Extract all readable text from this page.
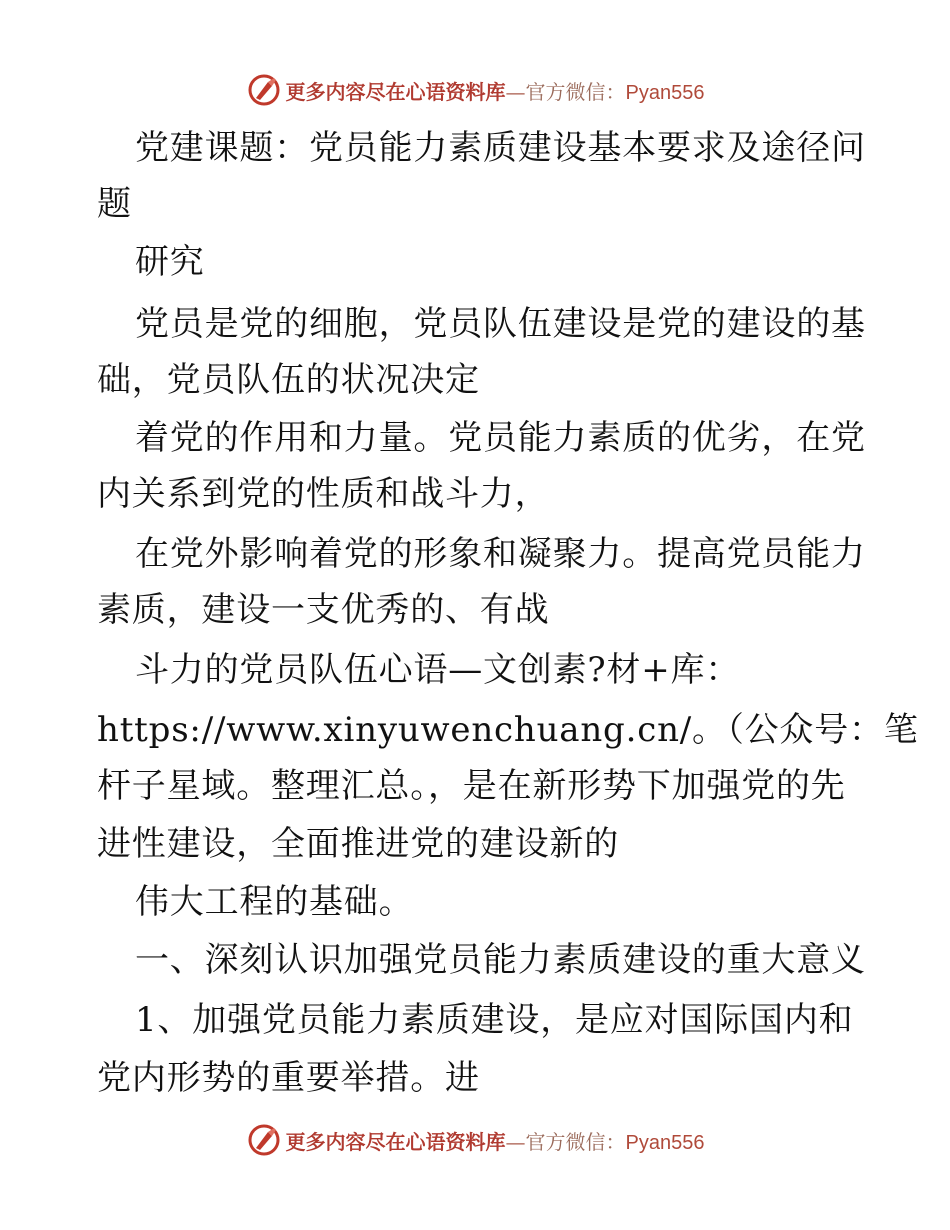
更多内容尽在心语资料库—官方微信：Pyan556
党建课题：党员能力素质建设基本要求及途径问
题
研究
党员是党的细胞，党员队伍建设是党的建设的基
础，党员队伍的状况决定
着党的作用和力量。党员能力素质的优劣，在党
内关系到党的性质和战斗力，
在党外影响着党的形象和凝聚力。提高党员能力
素质，建设一支优秀的、有战
斗力的党员队伍心语—文创素?材+库：
https://www.xinyuwenchuang.cn/。（公众号：笔
杆子星域。整理汇总。，是在新形势下加强党的先
进性建设，全面推进党的建设新的
伟大工程的基础。
一、深刻认识加强党员能力素质建设的重大意义
1、加强党员能力素质建设，是应对国际国内和
党内形势的重要举措。进
更多内容尽在心语资料库—官方微信：Pyan556
